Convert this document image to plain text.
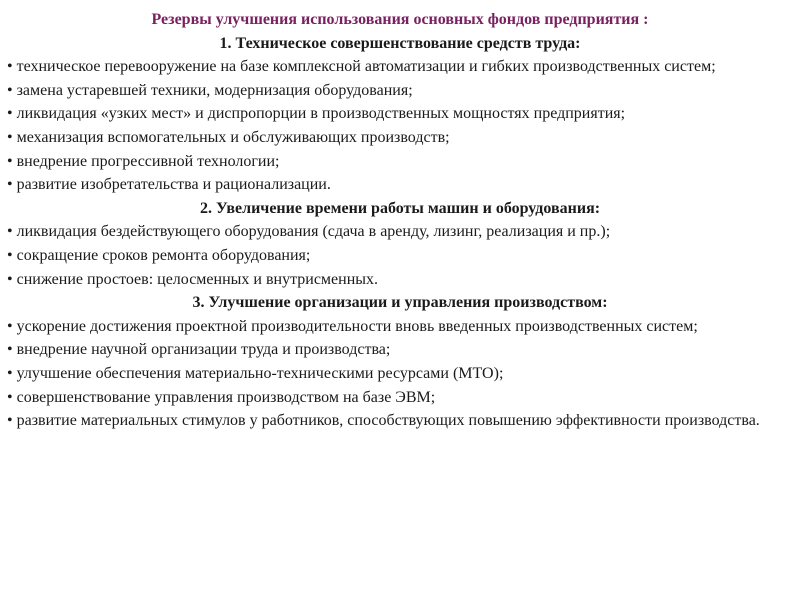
Резервы улучшения использования основных фондов предприятия :

1. Техническое совершенствование средств труда:

• техническое перевооружение на базе комплексной автоматизации и гибких производственных систем;

• замена устаревшей техники, модернизация оборудования;

• ликвидация «узких мест» и диспропорции в производственных мощностях предприятия;

• механизация вспомогательных и обслуживающих производств;

• внедрение прогрессивной технологии;

• развитие изобретательства и рационализации.

2. Увеличение времени работы машин и оборудования:

• ликвидация бездействующего оборудования (сдача в аренду, лизинг, реализация и пр.);

• сокращение сроков ремонта оборудования;

• снижение простоев: целосменных и внутрисменных.

3. Улучшение организации и управления производством:

• ускорение достижения проектной производительности вновь введенных производственных систем;

• внедрение научной организации труда и производства;

• улучшение обеспечения материально-техническими ресурсами (МТО);

• совершенствование управления производством на базе ЭВМ;

• развитие материальных стимулов у работников, способствующих повышению эффективности производства.
